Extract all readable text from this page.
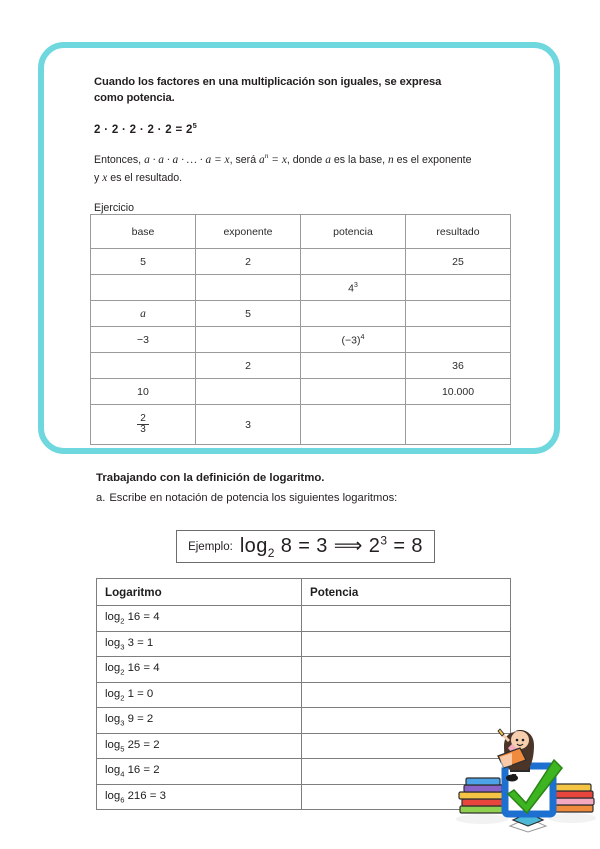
Cuando los factores en una multiplicación son iguales, se expresa
como potencia.
$2 \cdot 2 \cdot 2 \cdot 2 \cdot 2 = 2^5$
Entonces, a · a · a · … · a = x, será $a^n = x$, donde a es la base, n es el exponente
y x es el resultado.
Ejercicio
base	exponente	potencia	resultado
5	2		25
		$4^3$	
a	5		
−3		$(-3)^4$	
	2		36
10			10.000

$\frac{2}{3}$	3		
Trabajando con la definición de logaritmo.
a. Escribe en notación de potencia los siguientes logaritmos:
Ejemplo: $\log_2 8 = 3$ ⟹ $2^3 = 8$
Logaritmo	Potencia
$\log_2 16 = 4$	
$\log_3 3 = 1$	
$\log_2 16 = 4$	
$\log_2 1 = 0$	
$\log_3 9 = 2$	
$\log_5 25 = 2$	
$\log_4 16 = 2$	
$\log_6 216 = 3$	
